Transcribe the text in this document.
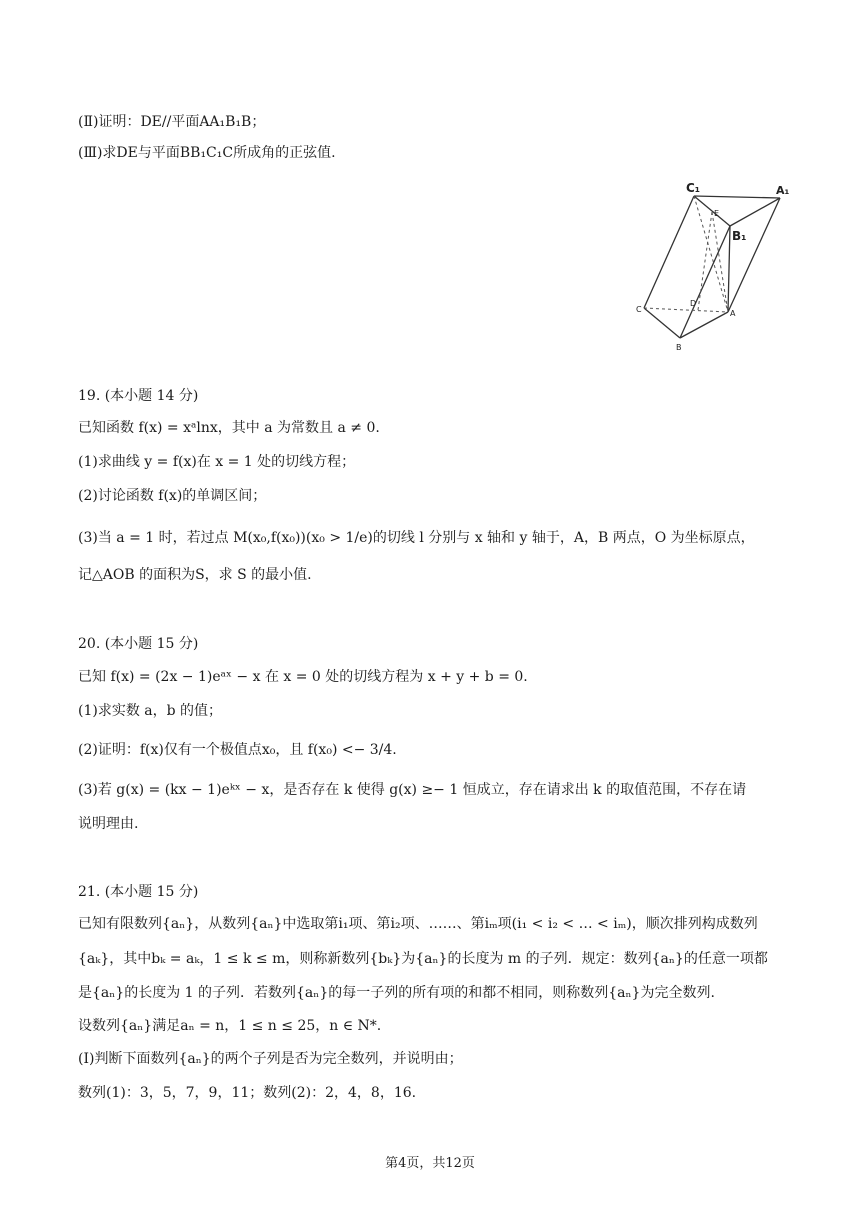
(Ⅱ)证明：DE//平面AA₁B₁B；
(Ⅲ)求DE与平面BB₁C₁C所成角的正弦值.
C₁	A₁
B₁
E
C
D
A
B
19. (本小题 14 分)
已知函数 f(x) = xᵃlnx，其中 a 为常数且 a ≠ 0.
(1)求曲线 y = f(x)在 x = 1 处的切线方程；
(2)讨论函数 f(x)的单调区间；
(3)当 a = 1 时，若过点 M(x₀,f(x₀))(x₀ > 1/e)的切线 l 分别与 x 轴和 y 轴于，A，B 两点，O 为坐标原点，
记△AOB 的面积为S，求 S 的最小值.
20. (本小题 15 分)
已知 f(x) = (2x − 1)eᵃˣ − x 在 x = 0 处的切线方程为 x + y + b = 0.
(1)求实数 a，b 的值；
(2)证明：f(x)仅有一个极值点x₀，且 f(x₀) <− 3/4.
(3)若 g(x) = (kx − 1)eᵏˣ − x，是否存在 k 使得 g(x) ≥− 1 恒成立，存在请求出 k 的取值范围，不存在请
说明理由.
21. (本小题 15 分)
已知有限数列{aₙ}，从数列{aₙ}中选取第i₁项、第i₂项、……、第iₘ项(i₁ < i₂ < … < iₘ)，顺次排列构成数列
{aₖ}，其中bₖ = aₖ，1 ≤ k ≤ m，则称新数列{bₖ}为{aₙ}的长度为 m 的子列．规定：数列{aₙ}的任意一项都
是{aₙ}的长度为 1 的子列．若数列{aₙ}的每一子列的所有项的和都不相同，则称数列{aₙ}为完全数列.
设数列{aₙ}满足aₙ = n，1 ≤ n ≤ 25，n ∈ N*.
(Ⅰ)判断下面数列{aₙ}的两个子列是否为完全数列，并说明由；
数列(1)：3，5，7，9，11；数列(2)：2，4，8，16.
第4页，共12页
